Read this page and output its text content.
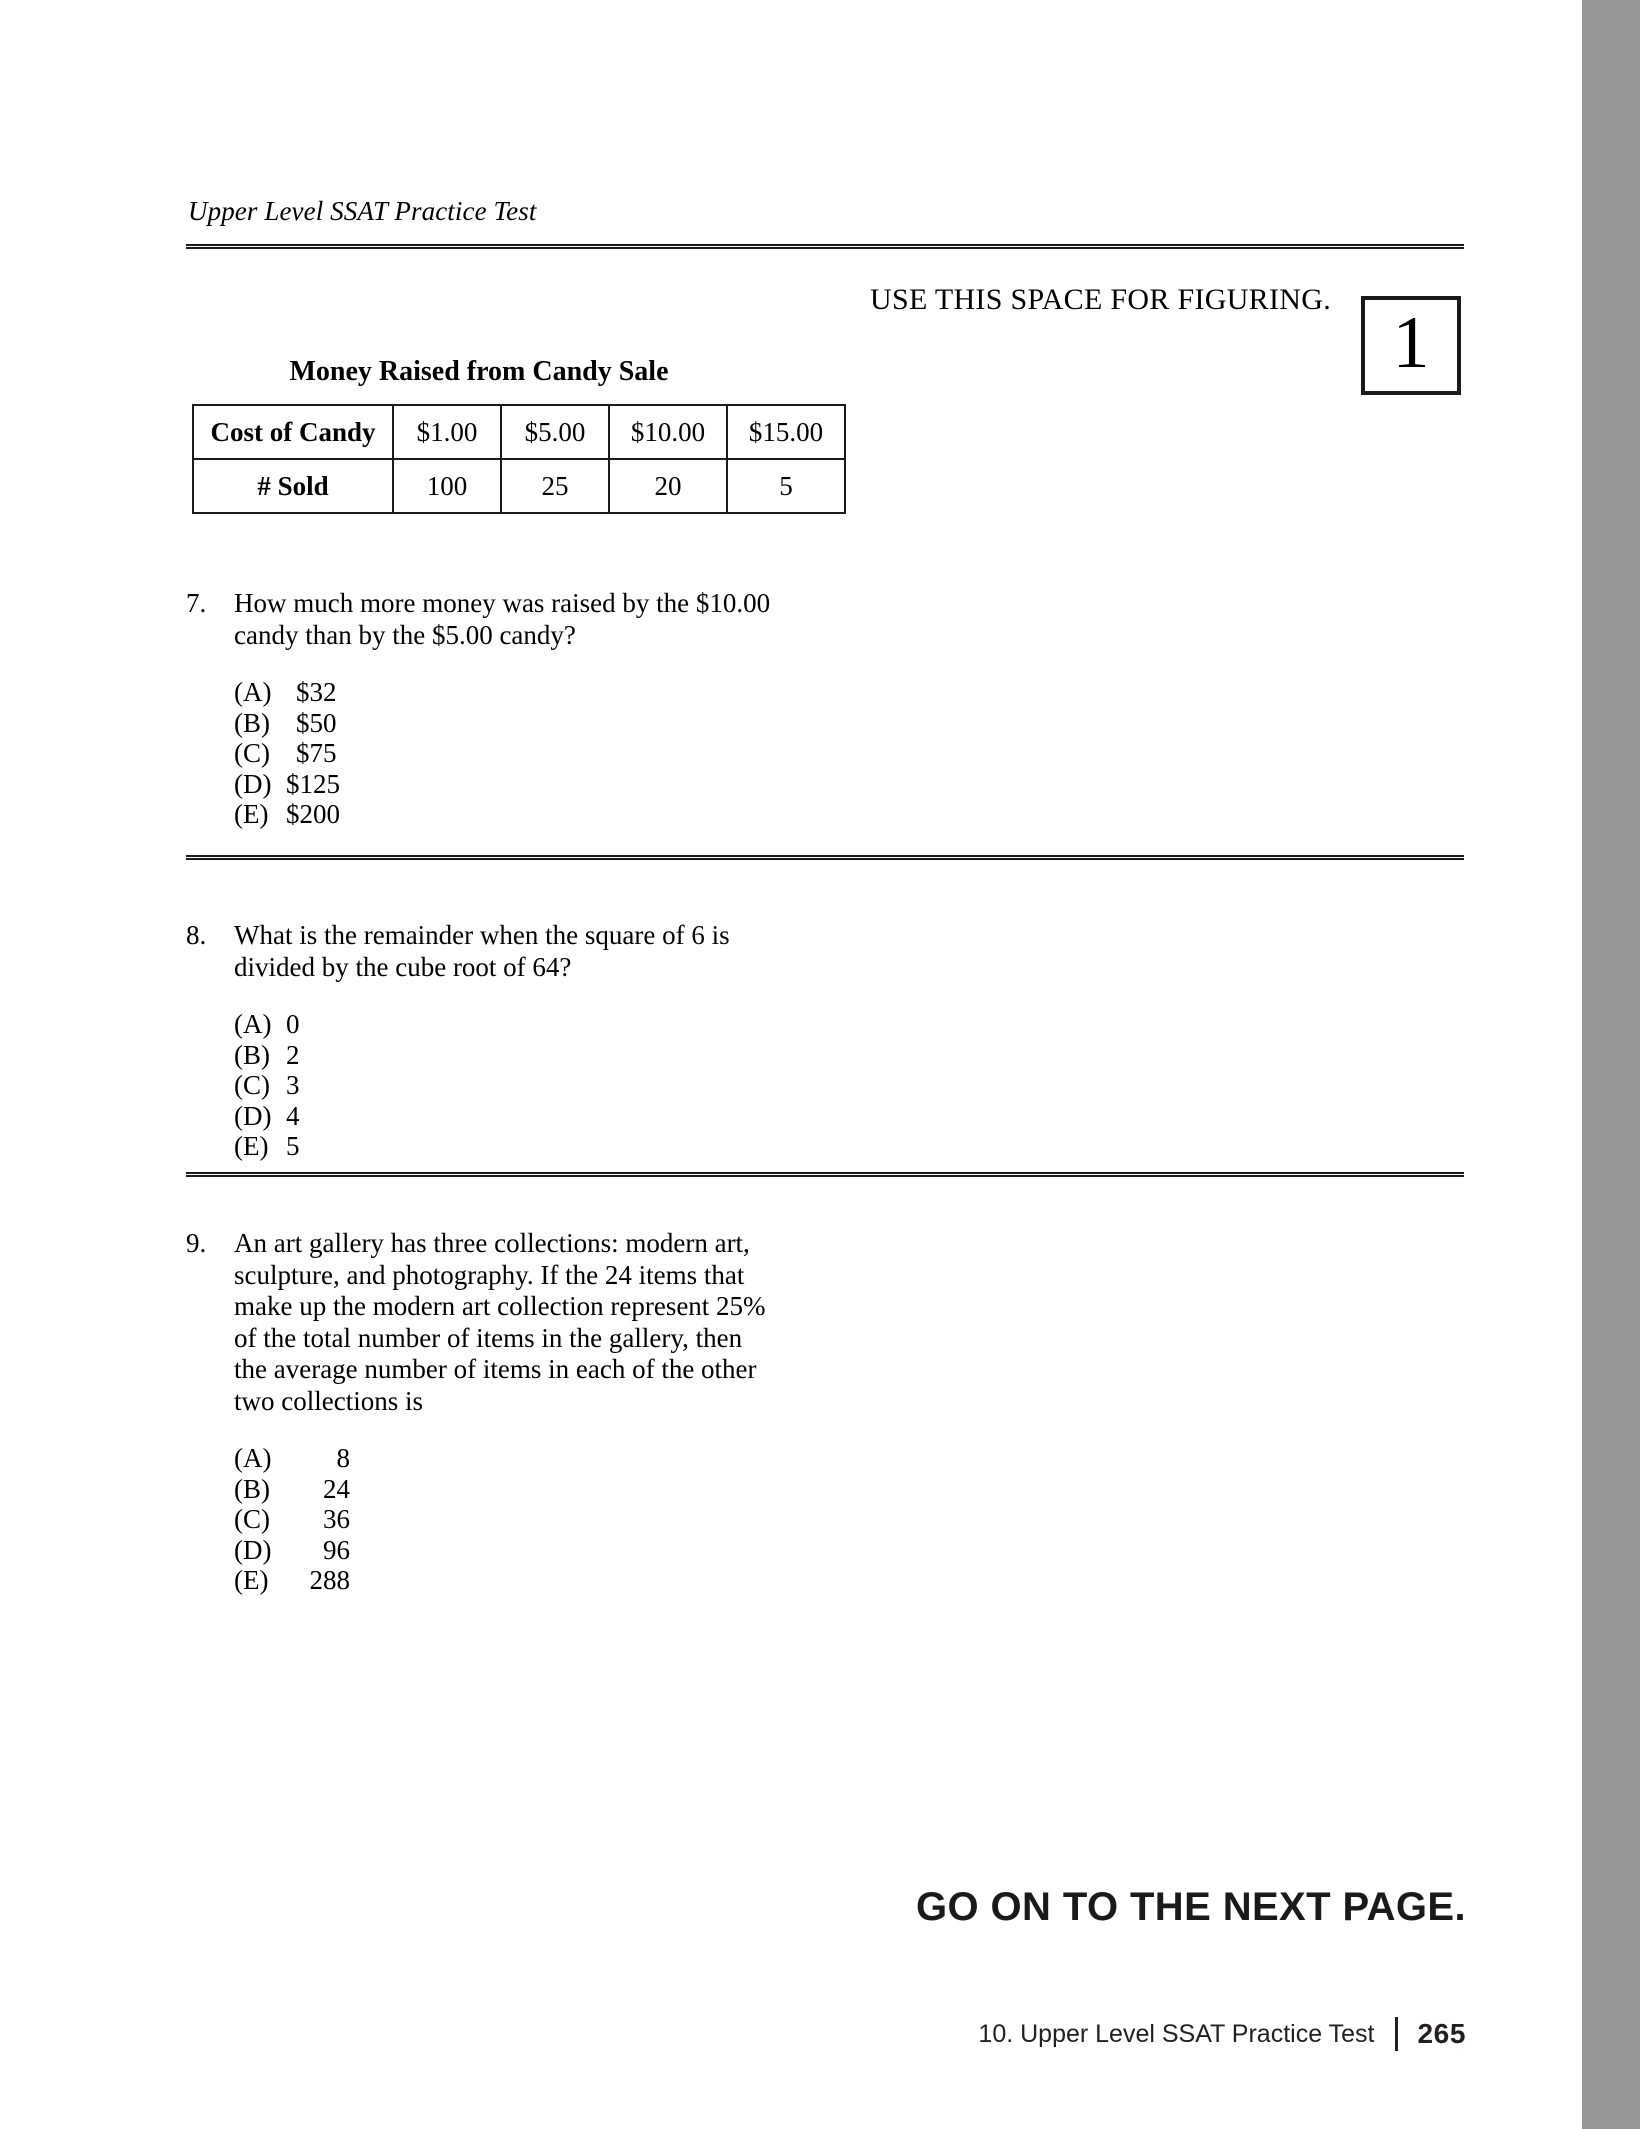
Upper Level SSAT Practice Test
USE THIS SPACE FOR FIGURING.
1
Money Raised from Candy Sale
Cost of Candy	$1.00	$5.00	$10.00	$15.00
# Sold	100	25	20	5
7.	How much more money was raised by the $10.00
candy than by the $5.00 candy?
(A) $32
(B) $50
(C) $75
(D) $125
(E) $200
8.	What is the remainder when the square of 6 is
divided by the cube root of 64?
(A) 0
(B) 2
(C) 3
(D) 4
(E) 5
9.	An art gallery has three collections: modern art,
sculpture, and photography. If the 24 items that
make up the modern art collection represent 25%
of the total number of items in the gallery, then
the average number of items in each of the other
two collections is
(A)	8
(B)	24
(C)	36
(D)	96
(E)	288
GO ON TO THE NEXT PAGE.
10. Upper Level SSAT Practice Test 265
